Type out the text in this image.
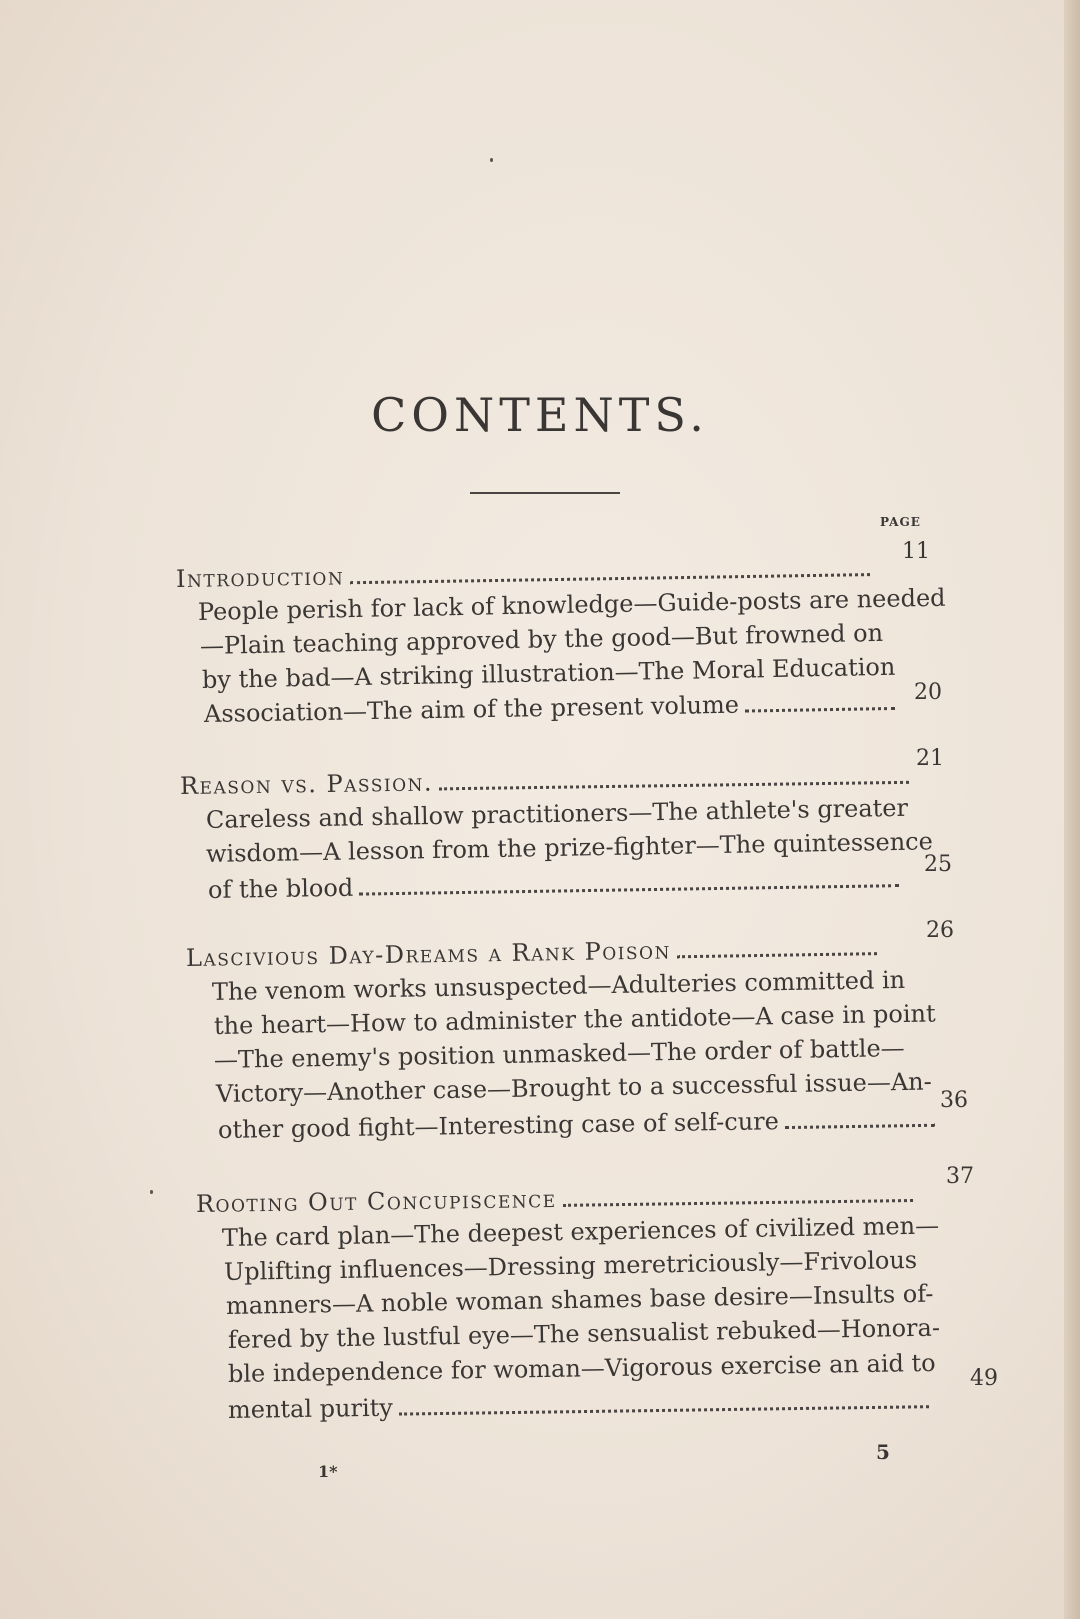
CONTENTS.
PAGE
11
Introduction
People perish for lack of knowledge—Guide-posts are needed
—Plain teaching approved by the good—But frowned on
by the bad—A striking illustration—The Moral Education
Association—The aim of the present volume	20
21
Reason vs. Passion.
Careless and shallow practitioners—The athlete's greater
wisdom—A lesson from the prize-fighter—The quintessence
of the blood
25
26
Lascivious Day-Dreams a Rank Poison
The venom works unsuspected—Adulteries committed in
the heart—How to administer the antidote—A case in point
—The enemy's position unmasked—The order of battle—
Victory—Another case—Brought to a successful issue—An-
other good fight—Interesting case of self-cure
36
37
Rooting Out Concupiscence
The card plan—The deepest experiences of civilized men—
Uplifting influences—Dressing meretriciously—Frivolous
manners—A noble woman shames base desire—Insults of-
fered by the lustful eye—The sensualist rebuked—Honora-
ble independence for woman—Vigorous exercise an aid to
mental purity
49
5
1*
